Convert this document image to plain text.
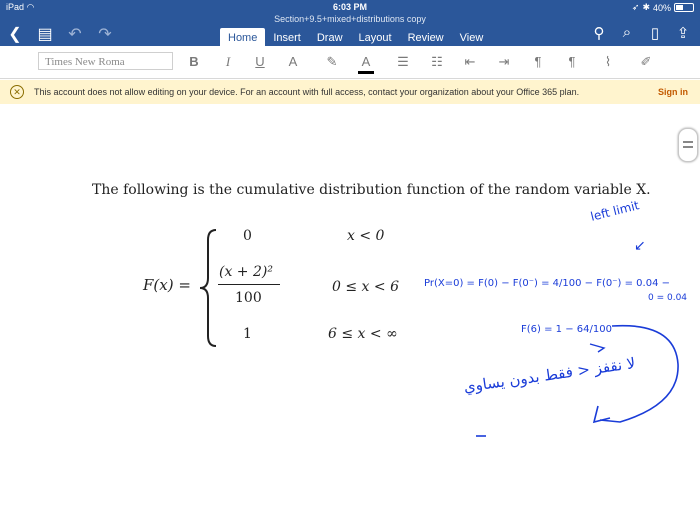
iPad ◠	6:03 PM	➶ ✱ 40%
Section+9.5+mixed+distributions copy
❮ ▤ ↶ ↷	Home	Insert	Draw	Layout	Review	View	⚲	⌕	▯	⇪
Times New Roma	B	I	U	A	✎	A	☰	☷	⇤	⇥	¶	¶	⌇	✐
✕	This account does not allow editing on your device. For an account with full access, contact your organization about your Office 365 plan.	Sign in
The following is the cumulative distribution function of the random variable X.
F(x) =
0	x < 0
(x + 2)²
100
0 ≤ x < 6
1	6 ≤ x < ∞
left limit
↙
Pr(X=0) = F(0) − F(0⁻) = 4/100 − F(0⁻) = 0.04 −
0 = 0.04
F(6) = 1 − 64/100
لا نقفز < فقط بدون يساوي
